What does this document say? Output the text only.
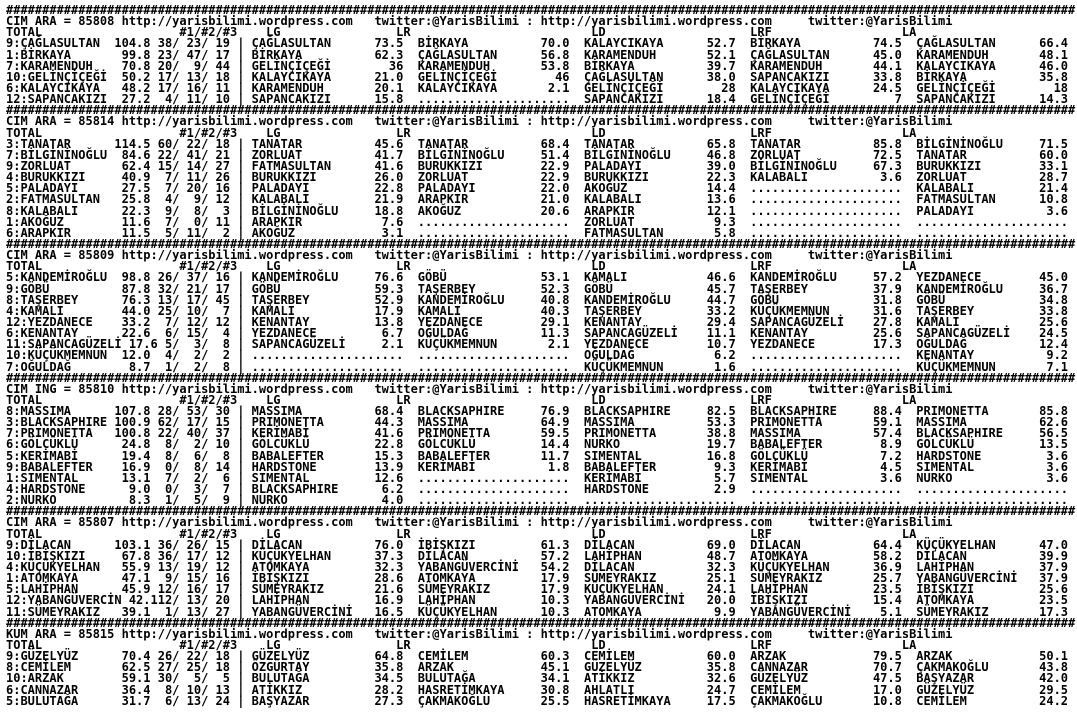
####################################################################################################################################################
CIM ARA = 85808 http://yarisbilimi.wordpress.com   twitter:@YarisBilimi : http://yarisbilimi.wordpress.com     twitter:@YarisBilimi
TOTAL                   #1/#2/#3    LG                LR                         LD                    LRF                  LA
9:ÇAĞLASULTAN  104.8 38/ 23/ 19 | ÇAĞLASULTAN      73.5  BİRKAYA          70.0  KALAYCIKAYA      52.7  BİRKAYA          74.5  ÇAĞLASULTAN      66.4
1:BİRKAYA       99.8 23/ 47/ 17 | BİRKAYA          62.3  ÇAĞLASULTAN      56.8  KARAMENDUH       52.1  ÇAĞLASULTAN      45.0  KARAMENDUH       48.1
7:KARAMENDUH    70.8 20/  9/ 44 | GELİNÇİÇEĞİ        36  KARAMENDUH       53.8  BİRKAYA          39.7  KARAMENDUH       44.1  KALAYCIKAYA      46.0
10:GELİNÇİÇEĞİ  50.2 17/ 13/ 18 | KALAYCIKAYA      21.0  GELİNÇİÇEĞİ        46  ÇAĞLASULTAN      38.0  SAPANCAKIZI      33.8  BİRKAYA          35.8
6:KALAYCIKAYA   48.2 17/ 16/ 11 | KARAMENDUH       20.1  KALAYCIKAYA       2.1  GELİNÇİÇEĞİ        28  KALAYCIKAYA      24.5  GELİNÇİÇEĞİ        18
12:SAPANCAKIZI  27.2  4/ 11/ 10 | SAPANCAKIZI      15.8  .....................  SAPANCAKIZI      18.4  GELİNÇİÇEĞİ         7  SAPANCAKIZI      14.3
####################################################################################################################################################
CIM ARA = 85814 http://yarisbilimi.wordpress.com   twitter:@YarisBilimi : http://yarisbilimi.wordpress.com     twitter:@YarisBilimi
TOTAL                   #1/#2/#3    LG                LR                         LD                    LRF                  LA
3:TANATAR      114.5 60/ 22/ 18 | TANATAR          45.6  TANATAR          68.4  TANATAR          65.8  TANATAR          85.8  BİLGİNİNOĞLU     71.5
7:BİLGİNİNOĞLU  84.6 22/ 41/ 21 | ZORLUAT          41.7  BİLGİNİNOĞLU     51.4  BİLGİNİNOĞLU     46.8  ZORLUAT          72.5  TANATAR          60.0
9:ZORLUAT       62.4 15/ 14/ 27 | FATMASULTAN      41.6  BURUKKIZI        22.9  PALADAYI         39.0  BİLGİNİNOĞLU     67.3  BURUKKIZI        33.1
4:BURUKKIZI     40.9  7/ 11/ 26 | BURUKKIZI        26.0  ZORLUAT          22.9  BURUKKIZI        22.3  KALABALI          3.6  ZORLUAT          28.7
5:PALADAYI      27.5  7/ 20/ 16 | PALADAYI         22.8  PALADAYI         22.0  AKOĞUZ           14.4  .....................  KALABALI         21.4
2:FATMASULTAN   25.8  4/  9/ 12 | KALABALI         21.9  ARAPKIR          21.0  KALABALI         13.6  .....................  FATMASULTAN      10.8
8:KALABALI      22.3  9/  8/  3 | BİLGİNİNOĞLU     18.8  AKOĞUZ           20.6  ARAPKIR          12.1  .....................  PALADAYI          3.6
1:AKOĞUZ        11.6  7/  0/ 11 | ARAPKIR           7.6  .....................  ZORLUAT           9.3  .....................  .....................
6:ARAPKIR       11.5  5/ 11/  2 | AKOĞUZ            3.1  .....................  FATMASULTAN       5.8  .....................  .....................
####################################################################################################################################################
CIM ARA = 85809 http://yarisbilimi.wordpress.com   twitter:@YarisBilimi : http://yarisbilimi.wordpress.com     twitter:@YarisBilimi
TOTAL                   #1/#2/#3    LG                LR                         LD                    LRF                  LA
5:KANDEMİROĞLU  98.8 26/ 37/ 16 | KANDEMİROĞLU     76.6  GÖBÜ             53.1  KAMALI           46.6  KANDEMİROĞLU     57.2  YEZDANECE        45.0
9:GÖBÜ          87.8 32/ 21/ 17 | GÖBÜ             59.3  TAŞERBEY         52.3  GÖBÜ             45.7  TAŞERBEY         37.9  KANDEMİROĞLU     36.7
8:TAŞERBEY      76.3 13/ 17/ 45 | TAŞERBEY         52.9  KANDEMİROĞLU     40.8  KANDEMİROĞLU     44.7  GÖBÜ             31.8  GÖBÜ             34.8
4:KAMALI        44.0 25/ 10/  7 | KAMALI           17.9  KAMALI           40.3  TAŞERBEY         33.2  KÜÇÜKMEMNUN      31.6  TAŞERBEY         33.8
12:YEZDANECE    33.2  7/ 12/ 12 | KENANTAY         13.8  YEZDANECE        29.1  KENANTAY         29.4  SAPANCAGÜZELİ    27.8  KAMALI           25.6
6:KENANTAY      22.6  6/ 15/  4 | YEZDANECE         6.7  OĞULDAĞ          11.3  SAPANCAGÜZELİ    11.1  KENANTAY         25.6  SAPANCAGÜZELİ    24.5
11:SAPANCAGÜZELİ 17.6 5/  3/  8 | SAPANCAGÜZELİ     2.1  KÜÇÜKMEMNUN       2.1  YEZDANECE        10.7  YEZDANECE        17.3  OĞULDAĞ          12.4
10:KÜÇÜKMEMNUN  12.0  4/  2/  2 | .....................  .....................  OĞULDAĞ           6.2  .....................  KENANTAY          9.2
7:OĞULDAĞ        8.7  1/  2/  8 | .....................  .....................  KÜÇÜKMEMNUN       1.6  .....................  KÜÇÜKMEMNUN       7.1
####################################################################################################################################################
CIM ING = 85810 http://yarisbilimi.wordpress.com   twitter:@YarisBilimi : http://yarisbilimi.wordpress.com     twitter:@YarisBilimi
TOTAL                   #1/#2/#3    LG                LR                         LD                    LRF                  LA
8:MASSIMA      107.8 28/ 53/ 30 | MASSIMA          68.4  BLACKSAPHIRE     76.9  BLACKSAPHIRE     82.5  BLACKSAPHIRE     88.4  PRIMONETTA       85.8
3:BLACKSAPHIRE 100.9 62/ 17/ 15 | PRIMONETTA       44.3  MASSIMA          64.9  MASSIMA          53.3  PRIMONETTA       59.1  MASSIMA          62.6
7:PRIMONETTA   100.8 22/ 40/ 37 | KERİMABİ         41.6  PRIMONETTA       59.5  PRIMONETTA       38.8  MASSIMA          57.4  BLACKSAPHIRE     56.5
6:GÖLCÜKLÜ      24.8  8/  2/ 10 | GÖLCÜKLÜ         22.8  GÖLCÜKLÜ         14.4  NURKO            19.7  BABALEFTER        8.9  GÖLCÜKLÜ         13.5
5:KERİMABİ      19.4  8/  6/  8 | BABALEFTER       15.3  BABALEFTER       11.7  SIMENTAL         16.8  GÖLCÜKLÜ          7.2  HARDSTONE         3.6
9:BABALEFTER    16.9  0/  8/ 14 | HARDSTONE        13.9  KERİMABİ          1.8  BABALEFTER        9.3  KERİMABİ          4.5  SIMENTAL          3.6
1:SIMENTAL      13.1  7/  2/  6 | SIMENTAL         12.6  .....................  KERİMABİ          5.7  SIMENTAL          3.6  NURKO             3.6
4:HARDSTONE      9.0  0/  3/  7 | BLACKSAPHIRE      6.2  .....................  HARDSTONE         2.9  .....................  .....................
2:NURKO          8.3  1/  5/  9 | NURKO             4.0  .....................  .....................  .....................  .....................
####################################################################################################################################################
CIM ARA = 85807 http://yarisbilimi.wordpress.com   twitter:@YarisBilimi : http://yarisbilimi.wordpress.com     twitter:@YarisBilimi
TOTAL                   #1/#2/#3    LG                LR                         LD                    LRF                  LA
9:DİLACAN      103.1 36/ 26/ 15 | DİLACAN          76.0  İBİŞKIZI         61.3  DİLACAN          69.0  DİLACAN          64.4  KÜÇÜKYELHAN      47.0
10:İBİŞKIZI     67.8 36/ 17/ 12 | KÜÇÜKYELHAN      37.3  DİLACAN          57.2  LAHİPHAN         48.7  ATOMKAYA         58.2  DİLACAN          39.9
4:KÜÇÜKYELHAN   55.9 13/ 19/ 12 | ATOMKAYA         32.3  YABANGÜVERCİNİ   54.2  DİLACAN          32.3  KÜÇÜKYELHAN      36.9  LAHİPHAN         37.9
1:ATOMKAYA      47.1  9/ 15/ 16 | İBİŞKIZI         28.6  ATOMKAYA         17.9  SÜMEYRAKIZ       25.1  SÜMEYRAKIZ       25.7  YABANGÜVERCİNİ   37.9
5:LAHİPHAN      45.9 12/ 16/ 17 | SÜMEYRAKIZ       21.6  SÜMEYRAKIZ       17.9  KÜÇÜKYELHAN      24.1  LAHİPHAN         23.5  İBİŞKIZI         25.6
12:YABANGÜVERCİN 42.112/ 13/ 20 | LAHİPHAN         16.9  LAHİPHAN         10.3  YABANGÜVERCİNİ   20.0  İBİŞKIZI         15.4  ATOMKAYA         23.5
11:SÜMEYRAKIZ   39.1  1/ 13/ 27 | YABANGÜVERCİNİ   16.5  KÜÇÜKYELHAN      10.3  ATOMKAYA          9.9  YABANGÜVERCİNİ    5.1  SÜMEYRAKIZ       17.3
####################################################################################################################################################
KUM ARA = 85815 http://yarisbilimi.wordpress.com   twitter:@YarisBilimi : http://yarisbilimi.wordpress.com     twitter:@YarisBilimi
TOTAL                   #1/#2/#3    LG                LR                         LD                    LRF                  LA
9:GÜZELYÜZ      70.4 26/ 22/ 18 | GÜZELYÜZ         64.8  CEMİLEM          60.3  CEMİLEM          60.0  ARZAK            79.5  ARZAK            50.1
8:CEMİLEM       62.5 27/ 25/ 18 | ÖZGÜRTAY         35.8  ARZAK            45.1  GÜZELYÜZ         35.8  CANNAZAR         70.7  ÇAKMAKOĞLU       43.8
10:ARZAK        59.1 30/  5/  5 | BULUTAĞA         34.5  BULUTAĞA         34.1  ATİKKIZ          32.6  GÜZELYÜZ         47.5  BAŞYAZAR         42.0
6:CANNAZAR      36.4  8/ 10/ 13 | ATİKKIZ          28.2  HASRETİMKAYA     30.8  AHLATLI          24.7  CEMİLEM          17.0  GÜZELYÜZ         29.5
5:BULUTAĞA      31.7  6/ 13/ 24 | BAŞYAZAR         27.3  ÇAKMAKOĞLU       25.5  HASRETİMKAYA     17.5  ÇAKMAKOĞLU       10.8  CEMİLEM          24.2
